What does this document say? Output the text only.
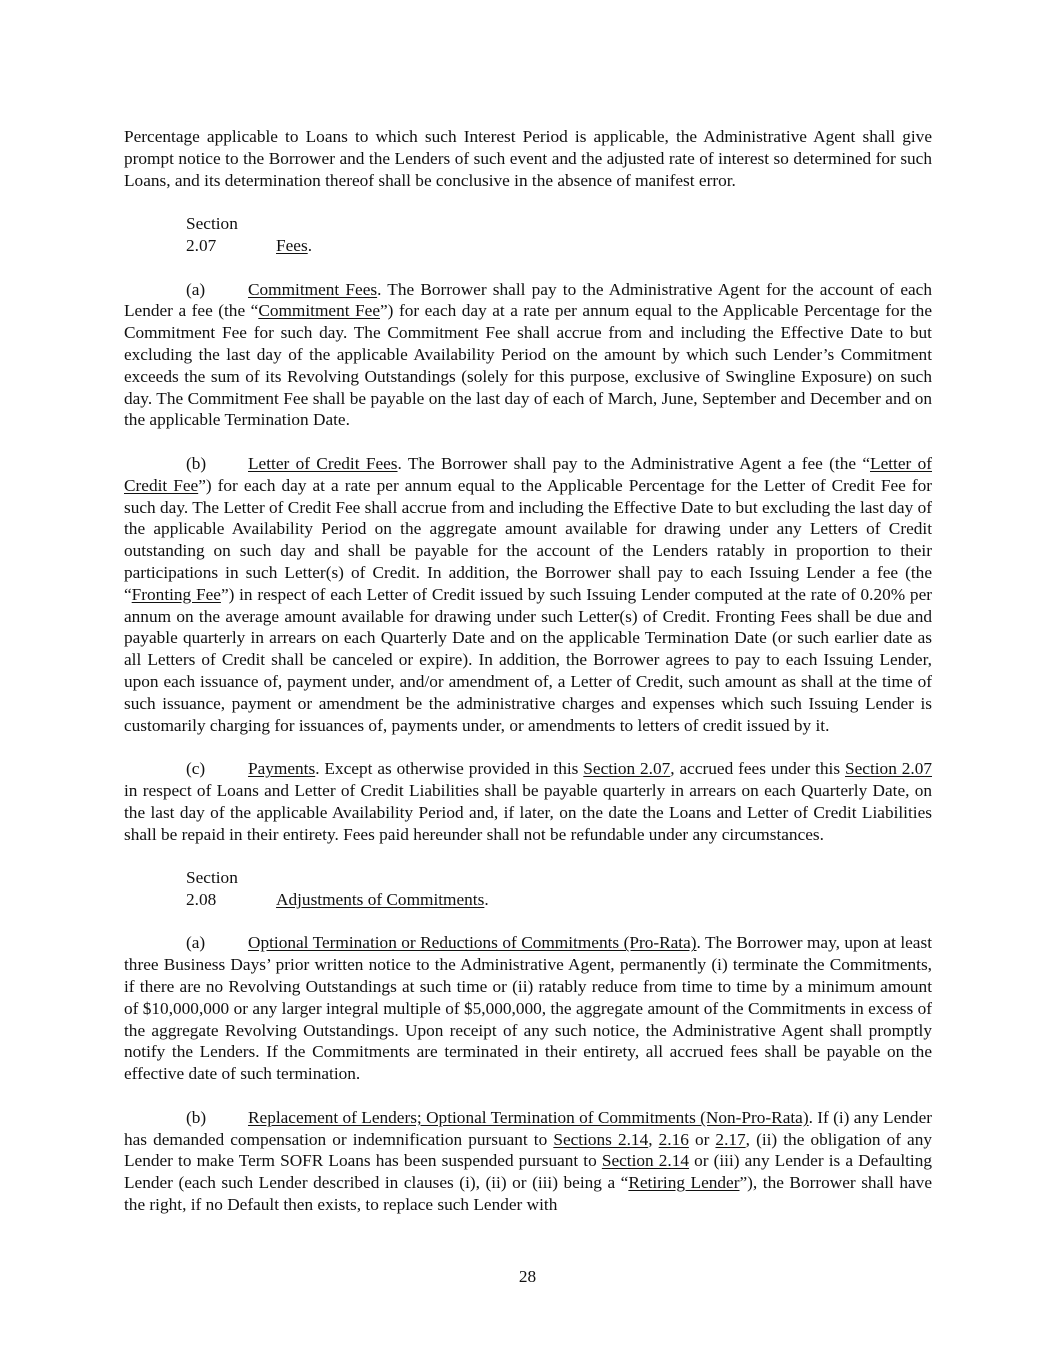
Percentage applicable to Loans to which such Interest Period is applicable, the Administrative Agent shall give prompt notice to the Borrower and the Lenders of such event and the adjusted rate of interest so determined for such Loans, and its determination thereof shall be conclusive in the absence of manifest error.

Section 2.07	Fees.

(a) Commitment Fees. The Borrower shall pay to the Administrative Agent for the account of each Lender a fee (the “Commitment Fee”) for each day at a rate per annum equal to the Applicable Percentage for the Commitment Fee for such day. The Commitment Fee shall accrue from and including the Effective Date to but excluding the last day of the applicable Availability Period on the amount by which such Lender’s Commitment exceeds the sum of its Revolving Outstandings (solely for this purpose, exclusive of Swingline Exposure) on such day. The Commitment Fee shall be payable on the last day of each of March, June, September and December and on the applicable Termination Date.

(b) Letter of Credit Fees. The Borrower shall pay to the Administrative Agent a fee (the “Letter of Credit Fee”) for each day at a rate per annum equal to the Applicable Percentage for the Letter of Credit Fee for such day. The Letter of Credit Fee shall accrue from and including the Effective Date to but excluding the last day of the applicable Availability Period on the aggregate amount available for drawing under any Letters of Credit outstanding on such day and shall be payable for the account of the Lenders ratably in proportion to their participations in such Letter(s) of Credit. In addition, the Borrower shall pay to each Issuing Lender a fee (the “Fronting Fee”) in respect of each Letter of Credit issued by such Issuing Lender computed at the rate of 0.20% per annum on the average amount available for drawing under such Letter(s) of Credit. Fronting Fees shall be due and payable quarterly in arrears on each Quarterly Date and on the applicable Termination Date (or such earlier date as all Letters of Credit shall be canceled or expire). In addition, the Borrower agrees to pay to each Issuing Lender, upon each issuance of, payment under, and/or amendment of, a Letter of Credit, such amount as shall at the time of such issuance, payment or amendment be the administrative charges and expenses which such Issuing Lender is customarily charging for issuances of, payments under, or amendments to letters of credit issued by it.

(c) Payments. Except as otherwise provided in this Section 2.07, accrued fees under this Section 2.07 in respect of Loans and Letter of Credit Liabilities shall be payable quarterly in arrears on each Quarterly Date, on the last day of the applicable Availability Period and, if later, on the date the Loans and Letter of Credit Liabilities shall be repaid in their entirety. Fees paid hereunder shall not be refundable under any circumstances.

Section 2.08	Adjustments of Commitments.

(a) Optional Termination or Reductions of Commitments (Pro-Rata). The Borrower may, upon at least three Business Days’ prior written notice to the Administrative Agent, permanently (i) terminate the Commitments, if there are no Revolving Outstandings at such time or (ii) ratably reduce from time to time by a minimum amount of $10,000,000 or any larger integral multiple of $5,000,000, the aggregate amount of the Commitments in excess of the aggregate Revolving Outstandings. Upon receipt of any such notice, the Administrative Agent shall promptly notify the Lenders. If the Commitments are terminated in their entirety, all accrued fees shall be payable on the effective date of such termination.

(b) Replacement of Lenders; Optional Termination of Commitments (Non-Pro-Rata). If (i) any Lender has demanded compensation or indemnification pursuant to Sections 2.14, 2.16 or 2.17, (ii) the obligation of any Lender to make Term SOFR Loans has been suspended pursuant to Section 2.14 or (iii) any Lender is a Defaulting Lender (each such Lender described in clauses (i), (ii) or (iii) being a “Retiring Lender”), the Borrower shall have the right, if no Default then exists, to replace such Lender with

28
